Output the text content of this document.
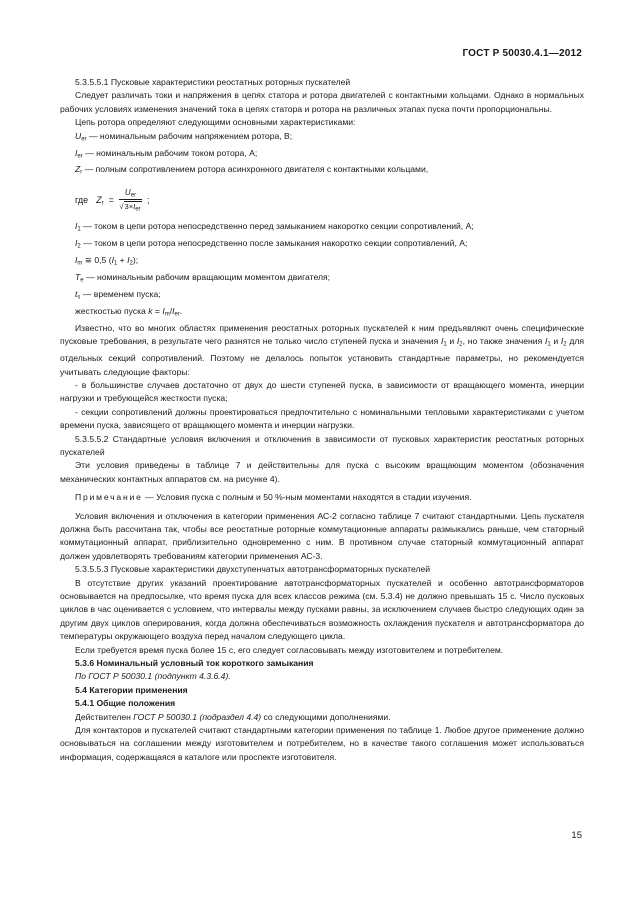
ГОСТ Р 50030.4.1—2012

5.3.5.5.1 Пусковые характеристики реостатных роторных пускателей

Следует различать токи и напряжения в цепях статора и ротора двигателей с контактными кольцами. Однако в нормальных рабочих условиях изменения значений тока в цепях статора и ротора на различных этапах пуска почти пропорциональны.

Цепь ротора определяют следующими основными характеристиками:

$U_{er}$ — номинальным рабочим напряжением ротора, В;

$I_{er}$ — номинальным рабочим током ротора, А;

$Z_r$ — полным сопротивлением ротора асинхронного двигателя с контактными кольцами,

где $Z_r = \frac{U_{er}}{√3\times I_{er}}$ ;

$I_1$ — током в цепи ротора непосредственно перед замыканием накоротко секции сопротивлений, А;

$I_2$ — током в цепи ротора непосредственно после замыкания накоротко секции сопротивлений, А;

$I_m$ ≅ 0,5 $(I_1 + I_2)$;

$T_e$ — номинальным рабочим вращающим моментом двигателя;

$t_s$ — временем пуска;

жесткостью пуска $k = I_m/I_{er}$.

Известно, что во многих областях применения реостатных роторных пускателей к ним предъявляют очень специфические пусковые требования, в результате чего разнятся не только число ступеней пуска и значения $I_1$ и $I_2$, но также значения $I_1$ и $I_2$ для отдельных секций сопротивлений. Поэтому не делалось попыток установить стандартные параметры, но рекомендуется учитывать следующие факторы:

- в большинстве случаев достаточно от двух до шести ступеней пуска, в зависимости от вращающего момента, инерции нагрузки и требующейся жесткости пуска;

- секции сопротивлений должны проектироваться предпочтительно с номинальными тепловыми характеристиками с учетом времени пуска, зависящего от вращающего момента и инерции нагрузки.

5.3.5.5.2 Стандартные условия включения и отключения в зависимости от пусковых характеристик реостатных роторных пускателей

Эти условия приведены в таблице 7 и действительны для пуска с высоким вращающим моментом (обозначения механических контактных аппаратов см. на рисунке 4).

Примечание — Условия пуска с полным и 50 %-ным моментами находятся в стадии изучения.

Условия включения и отключения в категории применения АС-2 согласно таблице 7 считают стандартными. Цепь пускателя должна быть рассчитана так, чтобы все реостатные роторные коммутационные аппараты размыкались раньше, чем статорный коммутационный аппарат, приблизительно одновременно с ним. В противном случае статорный коммутационный аппарат должен удовлетворять требованиям категории применения АС-3.

5.3.5.5.3 Пусковые характеристики двухступенчатых автотрансформаторных пускателей

В отсутствие других указаний проектирование автотрансформаторных пускателей и особенно автотрансформаторов основывается на предпосылке, что время пуска для всех классов режима (см. 5.3.4) не должно превышать 15 с. Число пусковых циклов в час оценивается с условием, что интервалы между пусками равны, за исключением случаев быстро следующих один за другим двух циклов оперирования, когда должна обеспечиваться возможность охлаждения пускателя и автотрансформатора до температуры окружающего воздуха перед началом следующего цикла.

Если требуется время пуска более 15 с, его следует согласовывать между изготовителем и потребителем.

5.3.6 Номинальный условный ток короткого замыкания

По ГОСТ Р 50030.1 (подпункт 4.3.6.4).

5.4 Категории применения

5.4.1 Общие положения

Действителен ГОСТ Р 50030.1 (подраздел 4.4) со следующими дополнениями.

Для контакторов и пускателей считают стандартными категории применения по таблице 1. Любое другое применение должно основываться на соглашении между изготовителем и потребителем, но в качестве такого соглашения может использоваться информация, содержащаяся в каталоге или проспекте изготовителя.

15
